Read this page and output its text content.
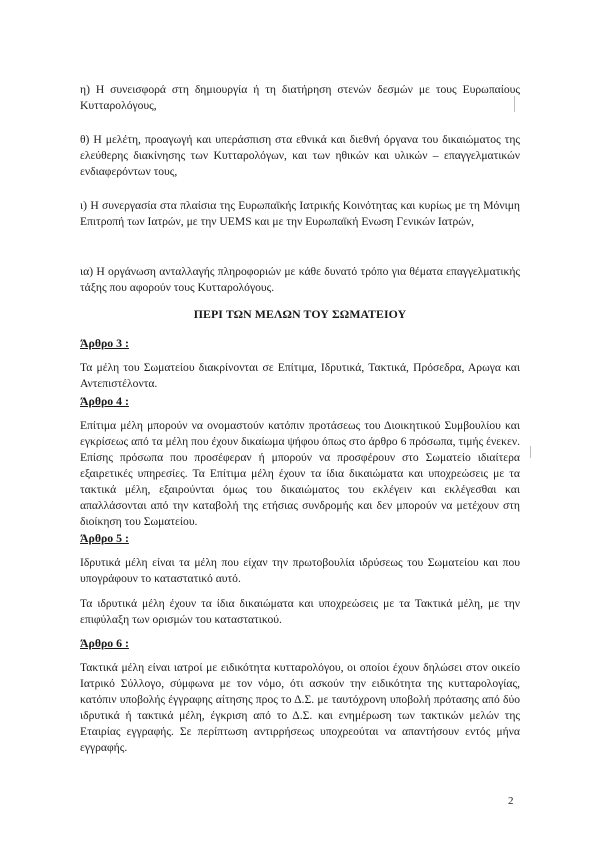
η) Η συνεισφορά στη δημιουργία ή τη διατήρηση στενών δεσμών με τους Ευρωπαίους Κυτταρολόγους,

θ) Η μελέτη, προαγωγή και υπεράσπιση στα εθνικά και διεθνή όργανα του δικαιώματος της ελεύθερης διακίνησης των Κυτταρολόγων, και των ηθικών και υλικών – επαγγελματικών ενδιαφερόντων τους,

ι) Η συνεργασία στα πλαίσια της Ευρωπαϊκής Ιατρικής Κοινότητας και κυρίως με τη Μόνιμη Επιτροπή των Ιατρών, με την UEMS και με την Ευρωπαϊκή Ενωση Γενικών Ιατρών,

ια) Η οργάνωση ανταλλαγής πληροφοριών με κάθε δυνατό τρόπο για θέματα επαγγελματικής τάξης που αφορούν τους Κυτταρολόγους.

ΠΕΡΙ ΤΩΝ ΜΕΛΩΝ ΤΟΥ ΣΩΜΑΤΕΙΟΥ
Άρθρο 3 :

Τα μέλη του Σωματείου διακρίνονται σε Επίτιμα, Ιδρυτικά, Τακτικά, Πρόσεδρα, Αρωγα και Αντεπιστέλοντα.

Άρθρο 4 :

Επίτιμα μέλη μπορούν να ονομαστούν κατόπιν προτάσεως του Διοικητικού Συμβουλίου και εγκρίσεως από τα μέλη που έχουν δικαίωμα ψήφου όπως στο άρθρο 6 πρόσωπα, τιμής ένεκεν. Επίσης πρόσωπα που προσέφεραν ή μπορούν να προσφέρουν στο Σωματείο ιδιαίτερα εξαιρετικές υπηρεσίες. Τα Επίτιμα μέλη έχουν τα ίδια δικαιώματα και υποχρεώσεις με τα τακτικά μέλη, εξαιρούνται όμως του δικαιώματος του εκλέγειν και εκλέγεσθαι και απαλλάσονται από την καταβολή της ετήσιας συνδρομής και δεν μπορούν να μετέχουν στη διοίκηση του Σωματείου.

Άρθρο 5 :

Ιδρυτικά μέλη είναι τα μέλη που είχαν την πρωτοβουλία ιδρύσεως του Σωματείου και που υπογράφουν το καταστατικό αυτό.

Τα ιδρυτικά μέλη έχουν τα ίδια δικαιώματα και υποχρεώσεις με τα Τακτικά μέλη, με την επιφύλαξη των ορισμών του καταστατικού.

Άρθρο 6 :

Τακτικά μέλη είναι ιατροί με ειδικότητα κυτταρολόγου, οι οποίοι έχουν δηλώσει στον οικείο Ιατρικό Σύλλογο, σύμφωνα με τον νόμο, ότι ασκούν την ειδικότητα της κυτταρολογίας, κατόπιν υποβολής έγγραφης αίτησης προς το Δ.Σ. με ταυτόχρονη υποβολή πρότασης από δύο ιδρυτικά ή τακτικά μέλη, έγκριση από το Δ.Σ. και ενημέρωση των τακτικών μελών της Εταιρίας εγγραφής. Σε περίπτωση αντιρρήσεως υποχρεούται να απαντήσουν εντός μήνα εγγραφής.

2
